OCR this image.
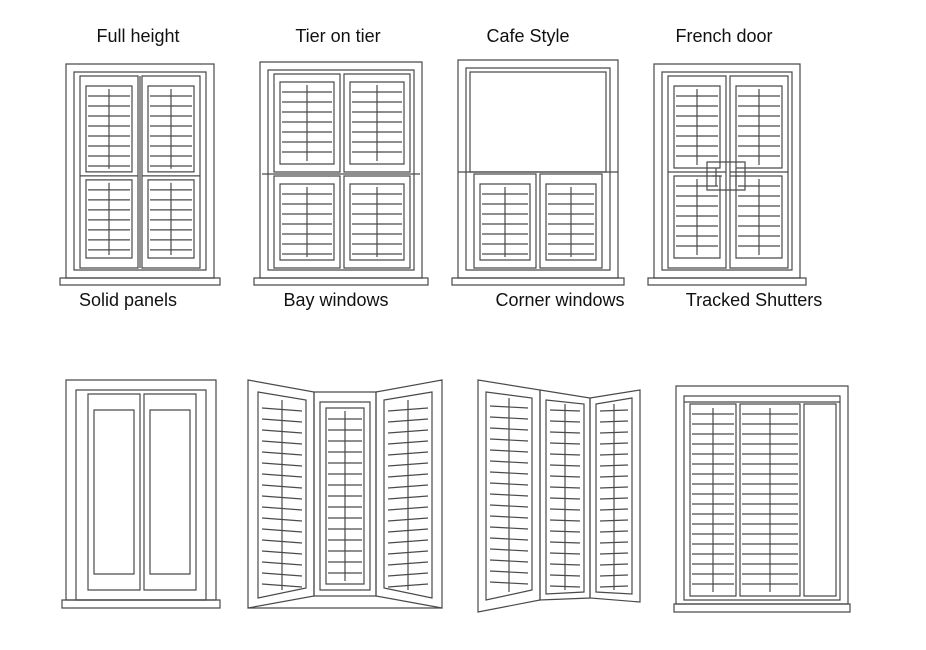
Full height	Tier on tier	Cafe Style	French door
Solid panels	Bay windows	Corner windows	Tracked Shutters
